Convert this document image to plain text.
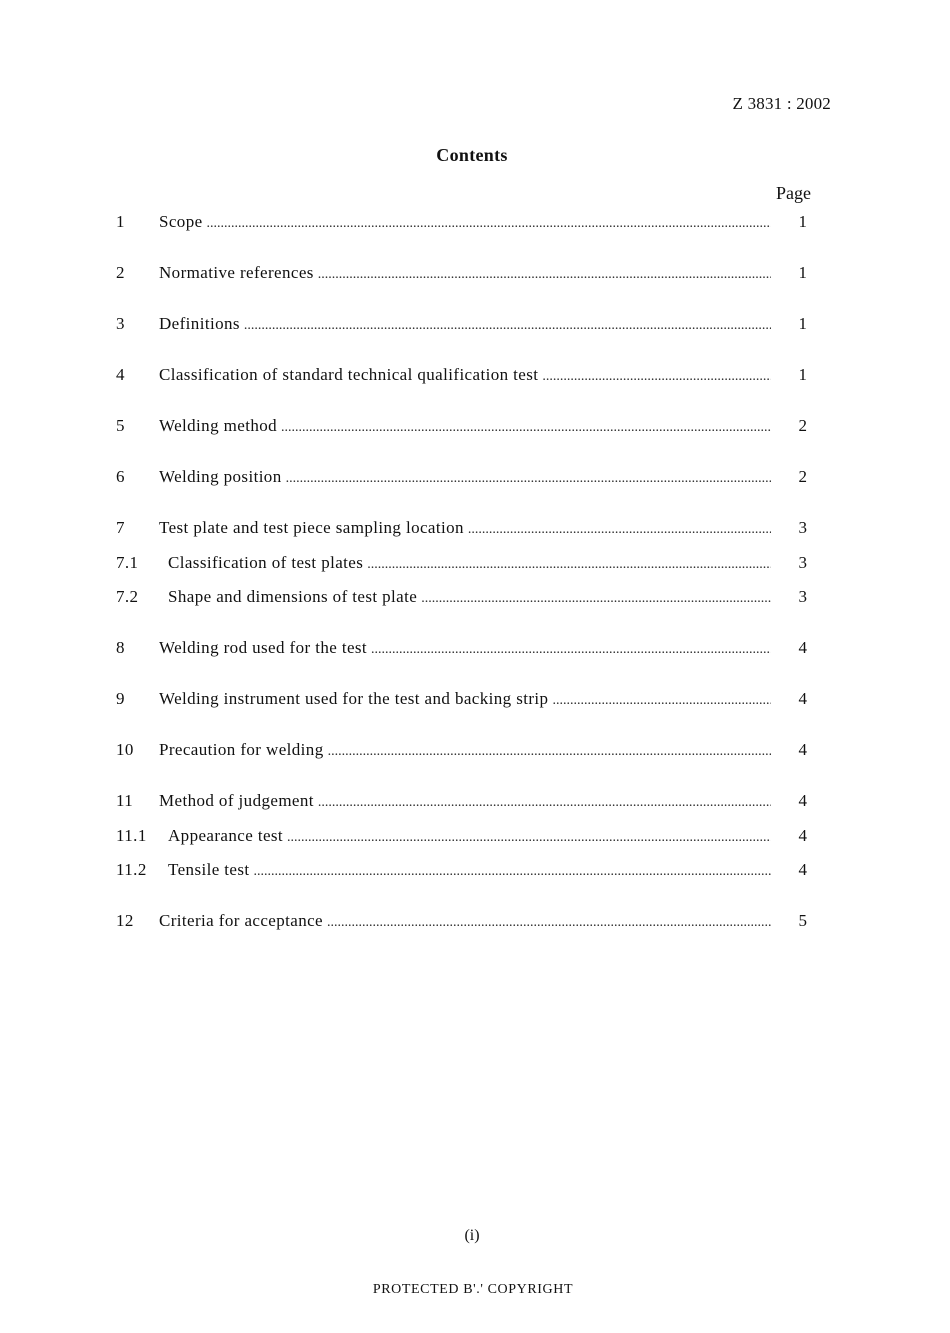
Z 3831 : 2002
Contents
Page
1 Scope .....	1
2 Normative references .....	1
3 Definitions .....	1
4 Classification of standard technical qualification test .....	1
5 Welding method .....	2
6 Welding position .....	2
7 Test plate and test piece sampling location .....	3
7.1 Classification of test plates .....	3
7.2 Shape and dimensions of test plate .....	3
8 Welding rod used for the test .....	4
9 Welding instrument used for the test and backing strip .....	4
10 Precaution for welding .....	4
11 Method of judgement .....	4
11.1 Appearance test .....	4
11.2 Tensile test .....	4
12 Criteria for acceptance .....	5
(i)
PROTECTED B'.' COPYRIGHT
